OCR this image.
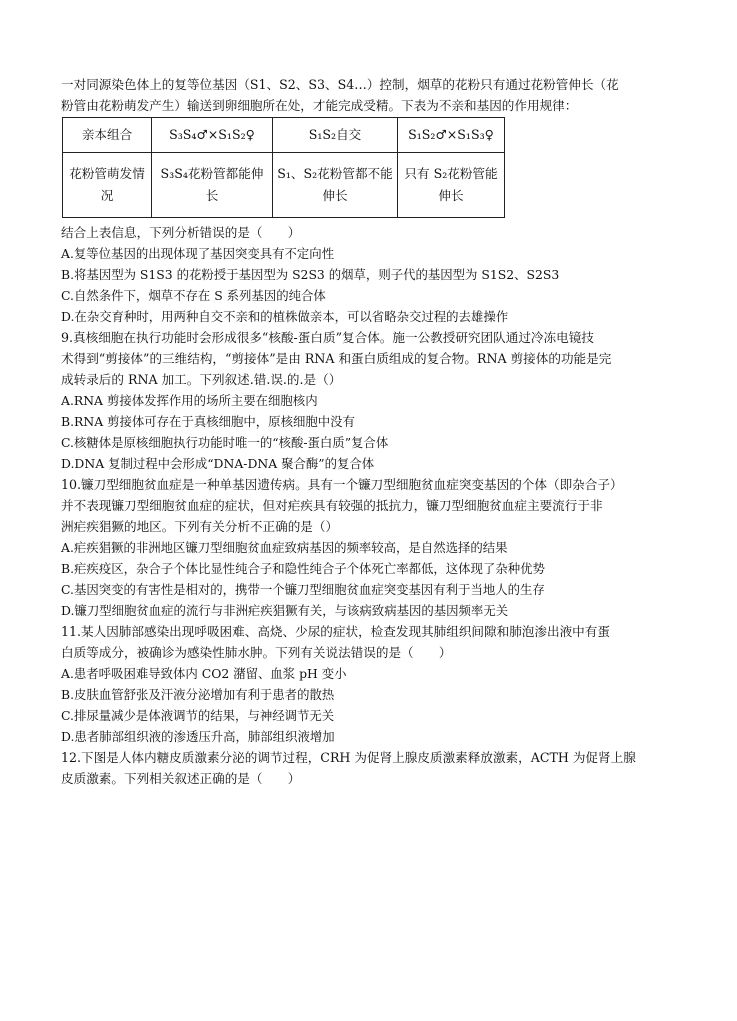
一对同源染色体上的复等位基因（S1、S2、S3、S4…）控制，烟草的花粉只有通过花粉管伸长（花

粉管由花粉萌发产生）输送到卵细胞所在处，才能完成受精。下表为不亲和基因的作用规律：

亲本组合	S₃S₄♂×S₁S₂♀	S₁S₂自交	S₁S₂♂×S₁S₃♀
花粉管萌发情况	S₃S₄花粉管都能伸长	S₁、S₂花粉管都不能伸长	只有 S₂花粉管能伸长

结合上表信息，下列分析错误的是（　　）

A.复等位基因的出现体现了基因突变具有不定向性

B.将基因型为 S1S3 的花粉授于基因型为 S2S3 的烟草，则子代的基因型为 S1S2、S2S3

C.自然条件下，烟草不存在 S 系列基因的纯合体

D.在杂交育种时，用两种自交不亲和的植株做亲本，可以省略杂交过程的去雄操作

9.真核细胞在执行功能时会形成很多“核酸-蛋白质”复合体。施一公教授研究团队通过冷冻电镜技

术得到“剪接体”的三维结构，“剪接体”是由 RNA 和蛋白质组成的复合物。RNA 剪接体的功能是完

成转录后的 RNA 加工。下列叙述.错.误.的.是（）

A.RNA 剪接体发挥作用的场所主要在细胞核内

B.RNA 剪接体可存在于真核细胞中，原核细胞中没有

C.核糖体是原核细胞执行功能时唯一的“核酸-蛋白质”复合体

D.DNA 复制过程中会形成“DNA-DNA 聚合酶”的复合体

10.镰刀型细胞贫血症是一种单基因遗传病。具有一个镰刀型细胞贫血症突变基因的个体（即杂合子）

并不表现镰刀型细胞贫血症的症状，但对疟疾具有较强的抵抗力，镰刀型细胞贫血症主要流行于非

洲疟疾猖獗的地区。下列有关分析不正确的是（）

A.疟疾猖獗的非洲地区镰刀型细胞贫血症致病基因的频率较高，是自然选择的结果

B.疟疾疫区，杂合子个体比显性纯合子和隐性纯合子个体死亡率都低，这体现了杂种优势

C.基因突变的有害性是相对的，携带一个镰刀型细胞贫血症突变基因有利于当地人的生存

D.镰刀型细胞贫血症的流行与非洲疟疾猖獗有关，与该病致病基因的基因频率无关

11.某人因肺部感染出现呼吸困难、高烧、少尿的症状，检查发现其肺组织间隙和肺泡渗出液中有蛋

白质等成分，被确诊为感染性肺水肿。下列有关说法错误的是（　　）

A.患者呼吸困难导致体内 CO2 潴留、血浆 pH 变小

B.皮肤血管舒张及汗液分泌增加有利于患者的散热

C.排尿量减少是体液调节的结果，与神经调节无关

D.患者肺部组织液的渗透压升高，肺部组织液增加

12.下图是人体内糖皮质激素分泌的调节过程，CRH 为促肾上腺皮质激素释放激素，ACTH 为促肾上腺

皮质激素。下列相关叙述正确的是（　　）
